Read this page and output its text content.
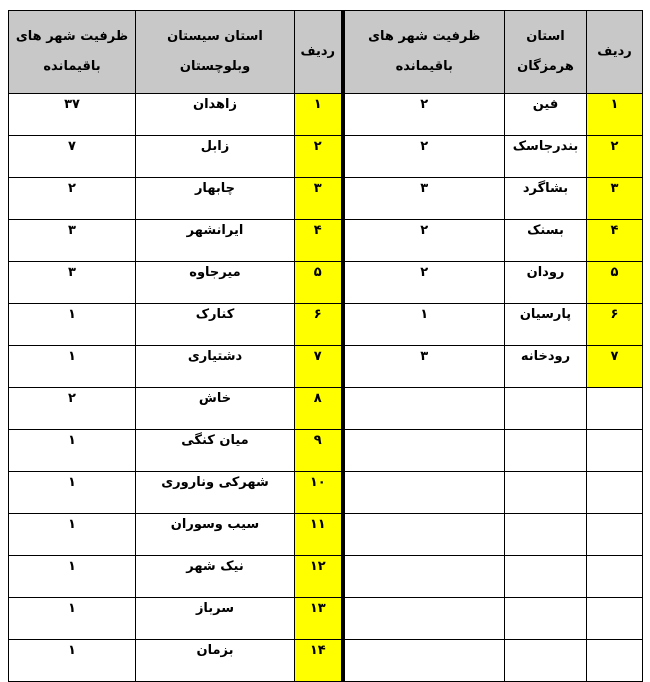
ظرفیت شهر های باقیمانده	استان سیستان وبلوچستان	ردیف	ظرفیت شهر های باقیمانده	استان هرمزگان	ردیف

۳۷	زاهدان	۱	۲	فین	۱

۷	زابل	۲	۲	بندرجاسک	۲

۲	چابهار	۳	۳	بشاگرد	۳

۳	ایرانشهر	۴	۲	بسنک	۴

۳	میرجاوه	۵	۲	رودان	۵

۱	کنارک	۶	۱	پارسیان	۶

۱	دشتیاری	۷	۳	رودخانه	۷

۲	خاش	۸			

۱	میان کنگی	۹			

۱	شهرکی وناروری	۱۰			

۱	سیب وسوران	۱۱			

۱	نیک شهر	۱۲			

۱	سرباز	۱۳			

۱	بزمان	۱۴			
